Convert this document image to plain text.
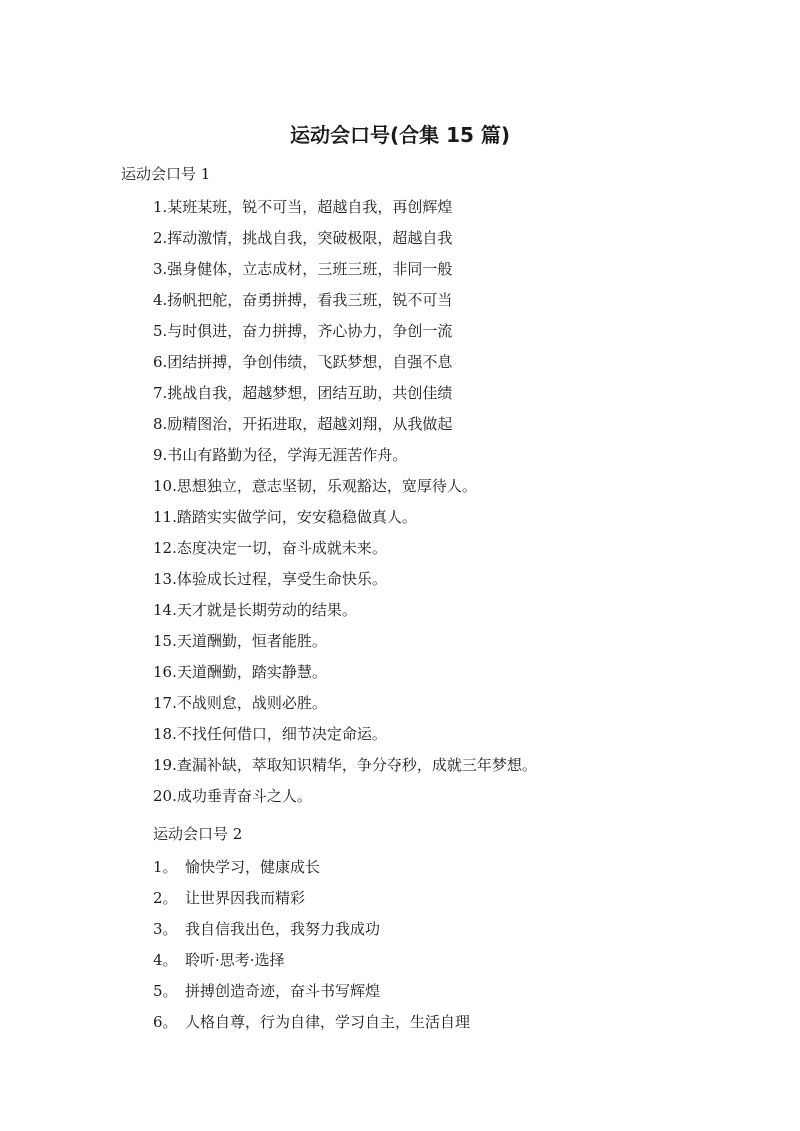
运动会口号(合集 15 篇)
运动会口号 1
1.某班某班，锐不可当，超越自我，再创辉煌
2.挥动激情，挑战自我，突破极限，超越自我
3.强身健体，立志成材，三班三班，非同一般
4.扬帆把舵，奋勇拼搏，看我三班，锐不可当
5.与时俱进，奋力拼搏，齐心协力，争创一流
6.团结拼搏，争创伟绩，飞跃梦想，自强不息
7.挑战自我，超越梦想，团结互助，共创佳绩
8.励精图治，开拓进取，超越刘翔，从我做起
9.书山有路勤为径，学海无涯苦作舟。
10.思想独立，意志坚韧，乐观豁达，宽厚待人。
11.踏踏实实做学问，安安稳稳做真人。
12.态度决定一切，奋斗成就未来。
13.体验成长过程，享受生命快乐。
14.天才就是长期劳动的结果。
15.天道酬勤，恒者能胜。
16.天道酬勤，踏实静慧。
17.不战则怠，战则必胜。
18.不找任何借口，细节决定命运。
19.查漏补缺，萃取知识精华，争分夺秒，成就三年梦想。
20.成功垂青奋斗之人。
运动会口号 2
1。 愉快学习，健康成长
2。 让世界因我而精彩
3。 我自信我出色，我努力我成功
4。 聆听·思考·选择
5。 拼搏创造奇迹，奋斗书写辉煌
6。 人格自尊，行为自律，学习自主，生活自理
